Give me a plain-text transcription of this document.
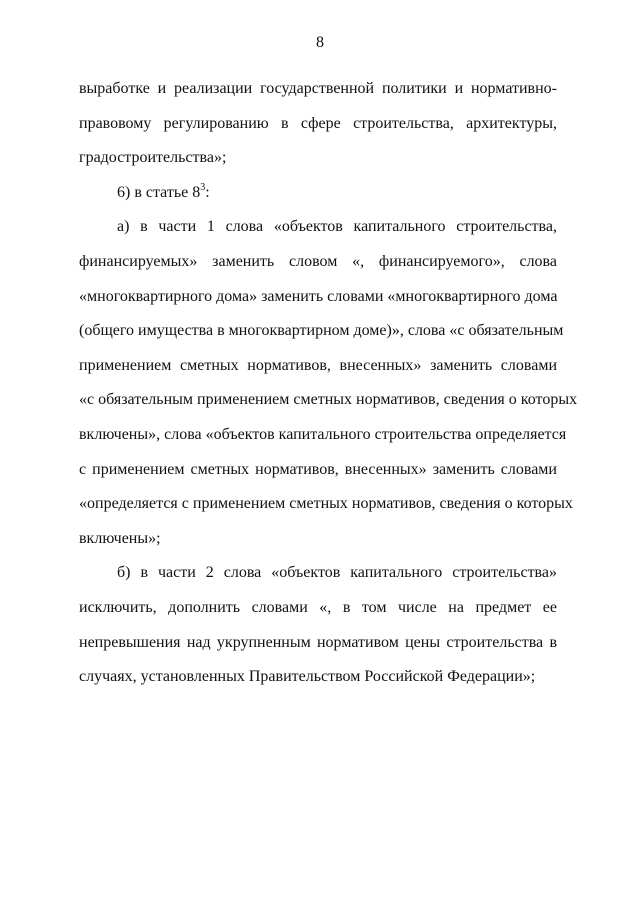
8
выработке и реализации государственной политики и нормативно-
правовому регулированию в сфере строительства, архитектуры,
градостроительства»;
6) в статье $8^3$:
а) в части 1 слова «объектов капитального строительства,
финансируемых» заменить словом «, финансируемого», слова
«многоквартирного дома» заменить словами «многоквартирного дома
(общего имущества в многоквартирном доме)», слова «с обязательным
применением сметных нормативов, внесенных» заменить словами
«с обязательным применением сметных нормативов, сведения о которых
включены», слова «объектов капитального строительства определяется
с применением сметных нормативов, внесенных» заменить словами
«определяется с применением сметных нормативов, сведения о которых
включены»;
б) в части 2 слова «объектов капитального строительства»
исключить, дополнить словами «, в том числе на предмет ее
непревышения над укрупненным нормативом цены строительства в
случаях, установленных Правительством Российской Федерации»;
